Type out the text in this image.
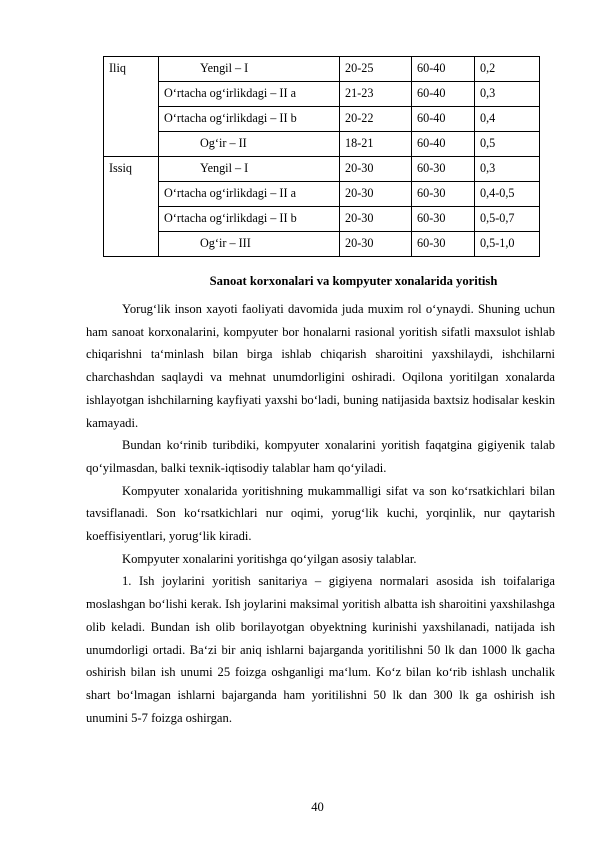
Iliq	Yengil – I	20-25	60-40	0,2
	O‘rtacha og‘irlikdagi – II a	21-23	60-40	0,3
	O‘rtacha og‘irlikdagi – II b	20-22	60-40	0,4
	Og‘ir – II	18-21	60-40	0,5
Issiq	Yengil – I	20-30	60-30	0,3
	O‘rtacha og‘irlikdagi – II a	20-30	60-30	0,4-0,5
	O‘rtacha og‘irlikdagi – II b	20-30	60-30	0,5-0,7
	Og‘ir – III	20-30	60-30	0,5-1,0
Sanoat korxonalari va kompyuter xonalarida yoritish

Yorug‘lik inson xayoti faoliyati davomida juda muxim rol o‘ynaydi. Shuning uchun ham sanoat korxonalarini, kompyuter bor honalarni rasional yoritish sifatli maxsulot ishlab chiqarishni ta‘minlash bilan birga ishlab chiqarish sharoitini yaxshilaydi, ishchilarni charchashdan saqlaydi va mehnat unumdorligini oshiradi. Oqilona yoritilgan xonalarda ishlayotgan ishchilarning kayfiyati yaxshi bo‘ladi, buning natijasida baxtsiz hodisalar keskin kamayadi.

Bundan ko‘rinib turibdiki, kompyuter xonalarini yoritish faqatgina gigiyenik talab qo‘yilmasdan, balki texnik-iqtisodiy talablar ham qo‘yiladi.

Kompyuter xonalarida yoritishning mukammalligi sifat va son ko‘rsatkichlari bilan tavsiflanadi. Son ko‘rsatkichlari nur oqimi, yorug‘lik kuchi, yorqinlik, nur qaytarish koeffisiyentlari, yorug‘lik kiradi.

Kompyuter xonalarini yoritishga qo‘yilgan asosiy talablar.

1. Ish joylarini yoritish sanitariya – gigiyena normalari asosida ish toifalariga moslashgan bo‘lishi kerak. Ish joylarini maksimal yoritish albatta ish sharoitini yaxshilashga olib keladi. Bundan ish olib borilayotgan obyektning kurinishi yaxshilanadi, natijada ish unumdorligi ortadi. Ba‘zi bir aniq ishlarni bajarganda yoritilishni 50 lk dan 1000 lk gacha oshirish bilan ish unumi 25 foizga oshganligi ma‘lum. Ko‘z bilan ko‘rib ishlash unchalik shart bo‘lmagan ishlarni bajarganda ham yoritilishni 50 lk dan 300 lk ga oshirish ish unumini 5-7 foizga oshirgan.

40
